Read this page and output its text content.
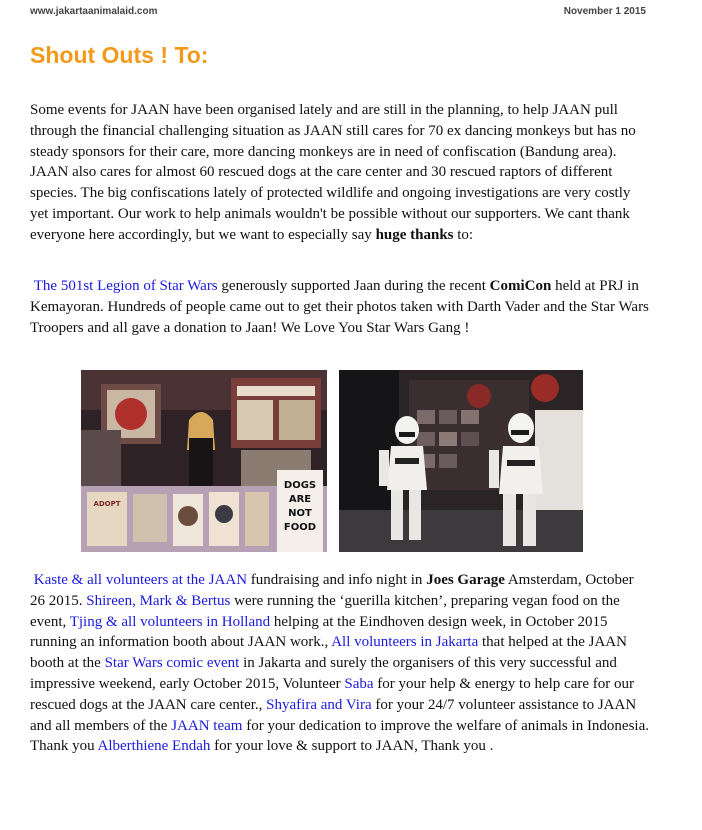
www.jakartaanimalaid.com	November 1 2015
Shout Outs ! To:

Some events for JAAN have been organised lately and are still in the planning, to help JAAN pull through the financial challenging situation as JAAN still cares for 70 ex dancing monkeys but has no steady sponsors for their care, more dancing monkeys are in need of confiscation (Bandung area). JAAN also cares for almost 60 rescued dogs at the care center and 30 rescued raptors of different species. The big confiscations lately of protected wildlife and ongoing investigations are very costly yet important. Our work to help animals wouldn't be possible without our supporters. We cant thank everyone here accordingly, but we want to especially say huge thanks to:

The 501st Legion of Star Wars generously supported Jaan during the recent ComiCon held at PRJ in Kemayoran. Hundreds of people came out to get their photos taken with Darth Vader and the Star Wars Troopers and all gave a donation to Jaan! We Love You Star Wars Gang !

DOGS
ARE
NOT
FOOD
ADOPT

Kaste & all volunteers at the JAAN fundraising and info night in Joes Garage Amsterdam, October 26 2015. Shireen, Mark & Bertus were running the ‘guerilla kitchen’, preparing vegan food on the event, Tjing & all volunteers in Holland helping at the Eindhoven design week, in October 2015 running an information booth about JAAN work., All volunteers in Jakarta that helped at the JAAN booth at the Star Wars comic event in Jakarta and surely the organisers of this very successful and impressive weekend, early October 2015, Volunteer Saba for your help & energy to help care for our rescued dogs at the JAAN care center., Shyafira and Vira for your 24/7 volunteer assistance to JAAN and all members of the JAAN team for your dedication to improve the welfare of animals in Indonesia. Thank you Alberthiene Endah for your love & support to JAAN, Thank you .
